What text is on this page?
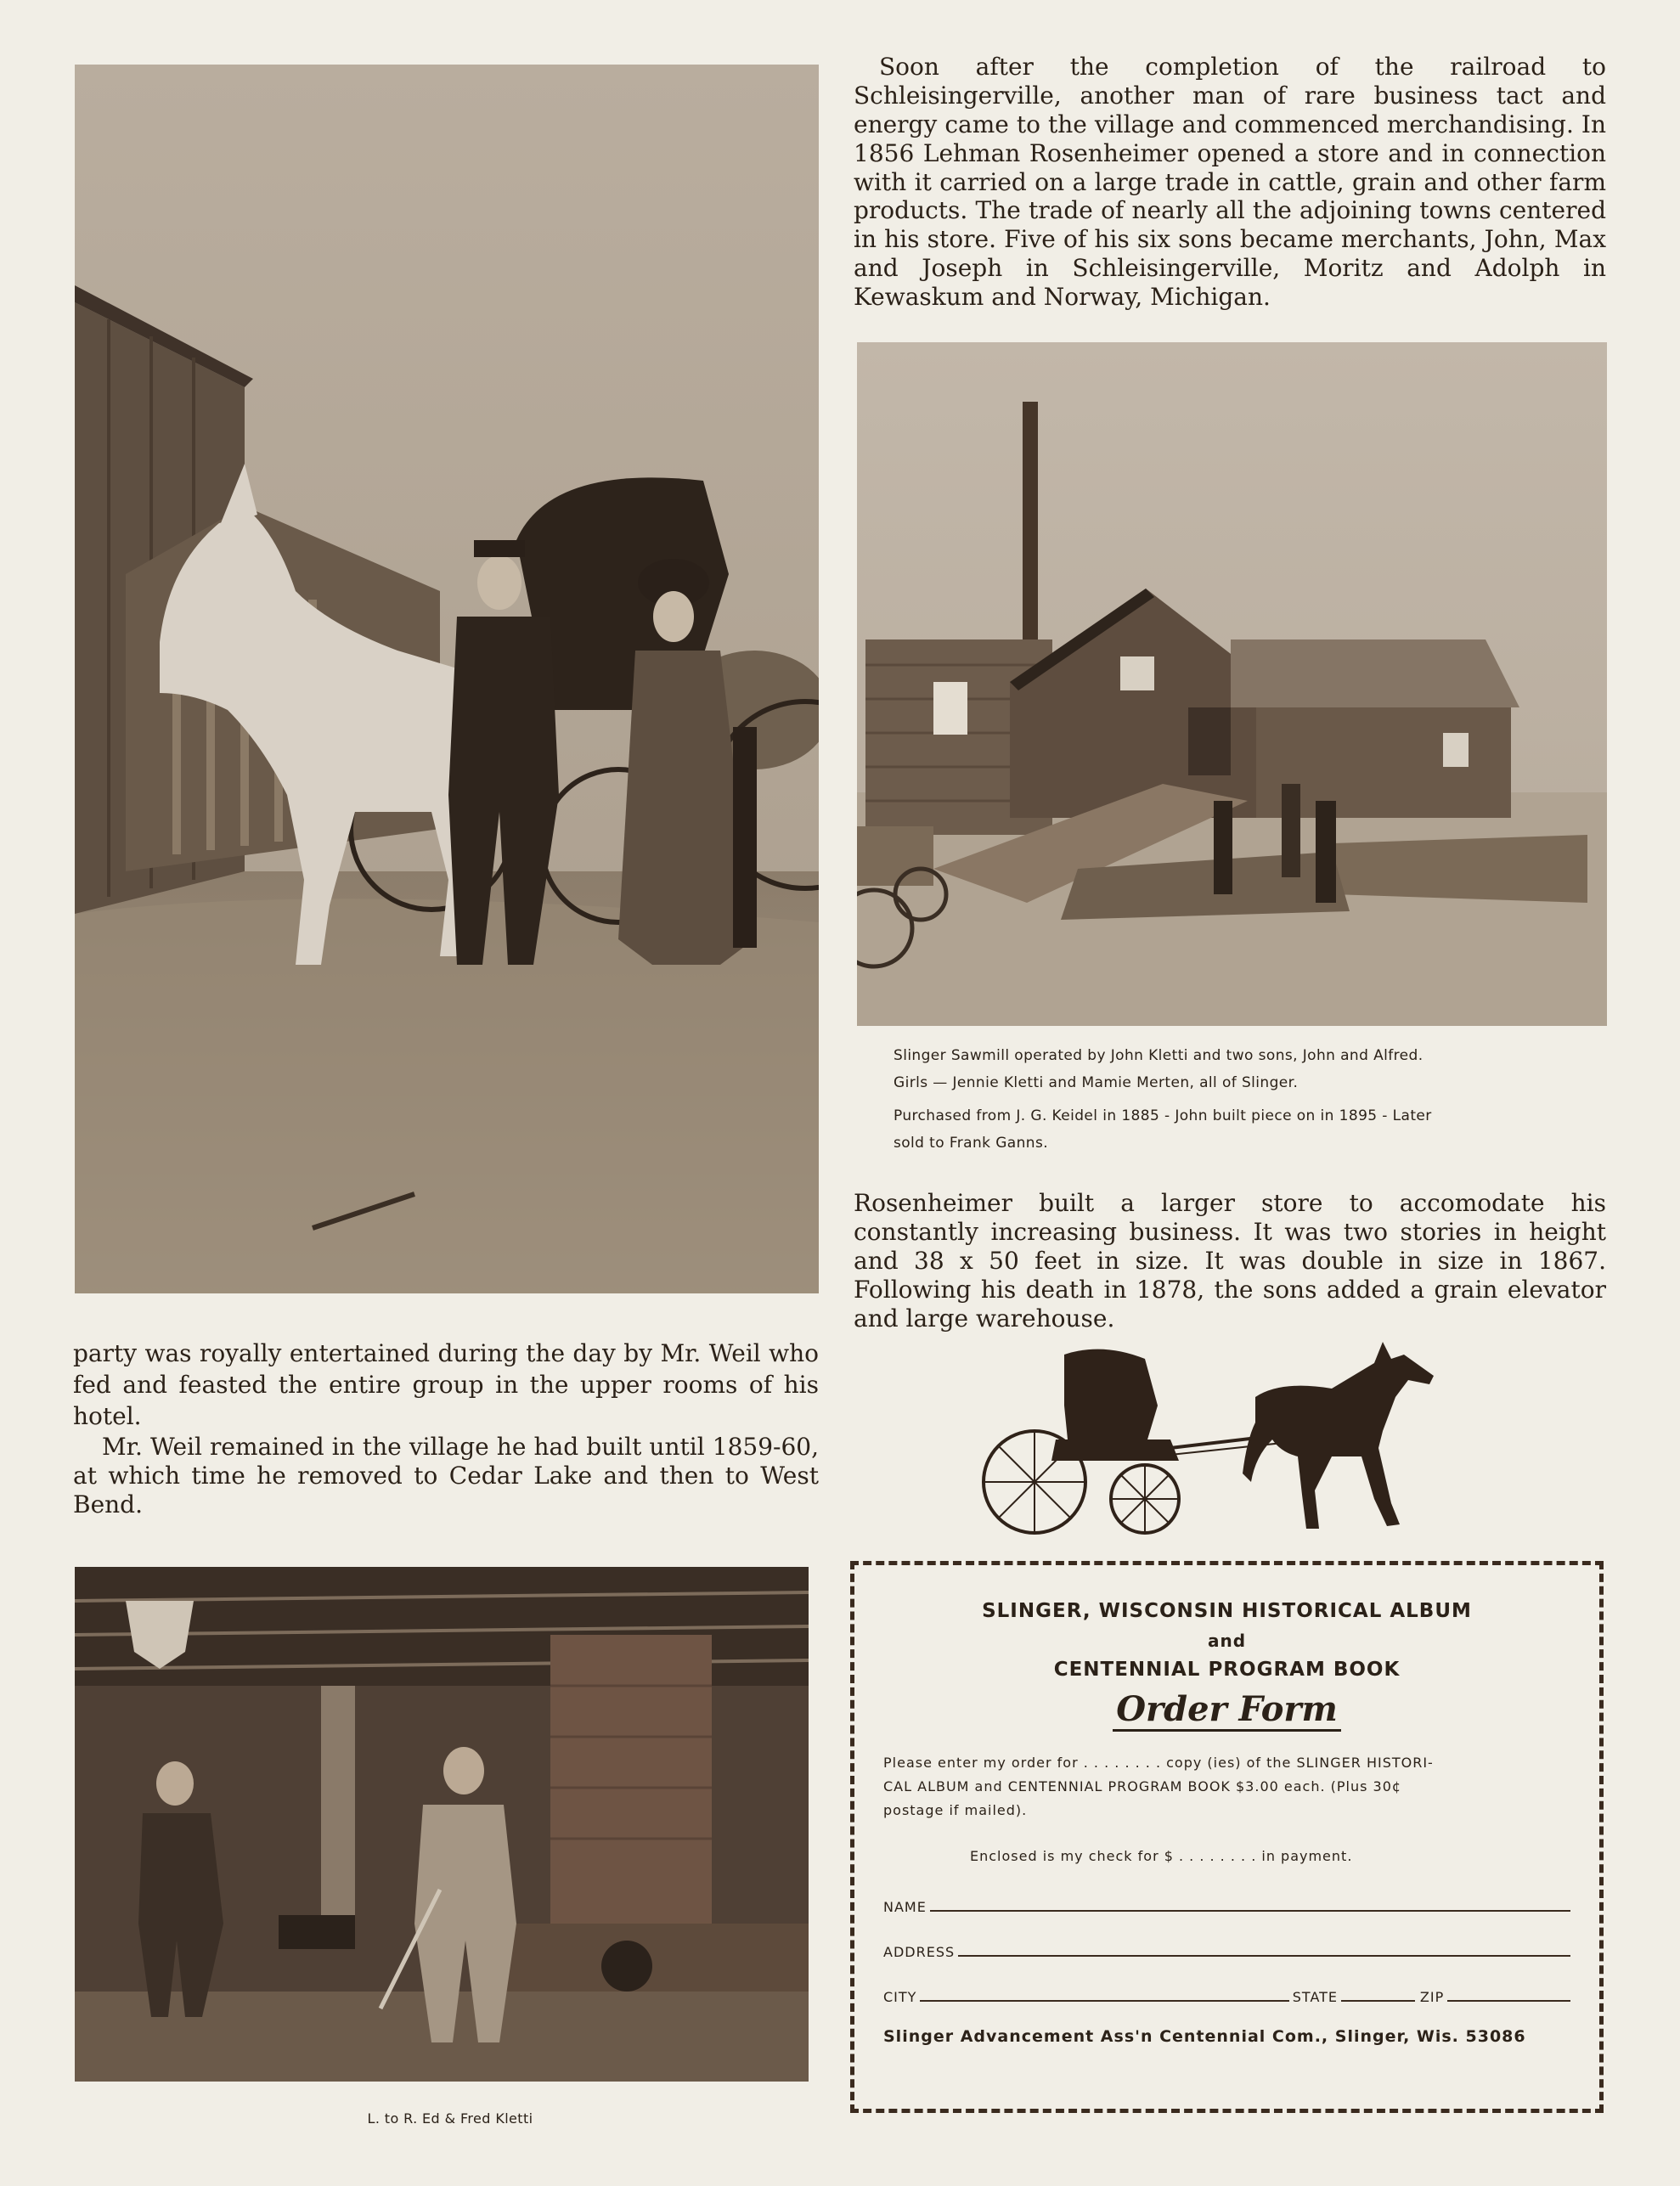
party was royally entertained during the day by Mr. Weil who fed and feasted the entire group in the upper rooms of his hotel.

Mr. Weil remained in the village he had built until 1859-60, at which time he removed to Cedar Lake and then to West Bend.

L. to R. Ed & Fred Kletti

Soon after the completion of the railroad to Schleisingerville, another man of rare business tact and energy came to the village and commenced merchandising. In 1856 Lehman Rosenheimer opened a store and in connection with it carried on a large trade in cattle, grain and other farm products. The trade of nearly all the adjoining towns centered in his store. Five of his six sons became merchants, John, Max and Joseph in Schleisingerville, Moritz and Adolph in Kewaskum and Norway, Michigan.

Slinger Sawmill operated by John Kletti and two sons, John and Alfred.
Girls — Jennie Kletti and Mamie Merten, all of Slinger.
Purchased from J. G. Keidel in 1885 - John built piece on in 1895 - Later
sold to Frank Ganns.

Rosenheimer built a larger store to accomodate his constantly increasing business. It was two stories in height and 38 x 50 feet in size. It was double in size in 1867. Following his death in 1878, the sons added a grain elevator and large warehouse.

SLINGER, WISCONSIN HISTORICAL ALBUM
and
CENTENNIAL PROGRAM BOOK
Order Form
Please enter my order for . . . . . . . . copy (ies) of the SLINGER HISTORI-
CAL ALBUM and CENTENNIAL PROGRAM BOOK $3.00 each. (Plus 30¢
postage if mailed).
Enclosed is my check for $ . . . . . . . . in payment.
NAME
ADDRESS
CITY	STATE	ZIP
Slinger Advancement Ass'n Centennial Com., Slinger, Wis. 53086
